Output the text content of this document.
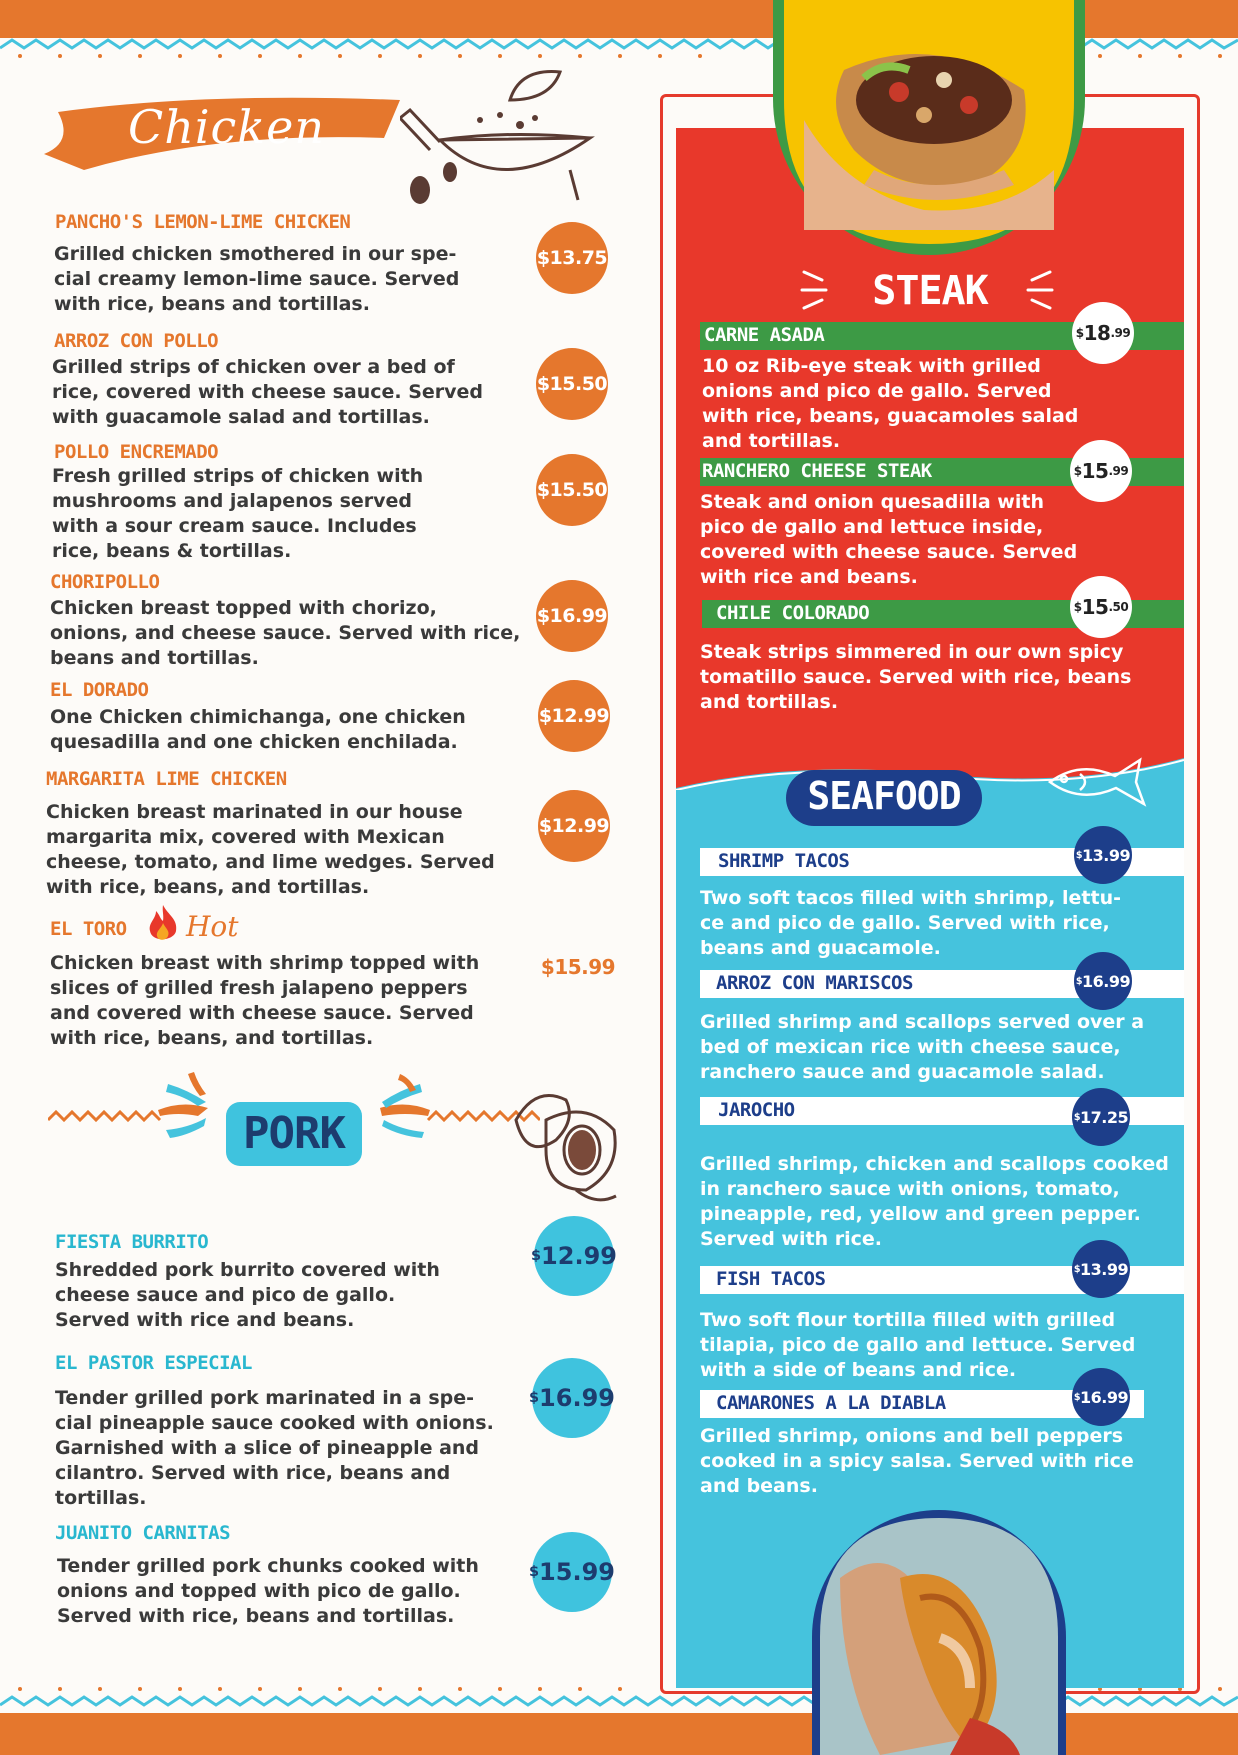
Chicken
PANCHO'S LEMON-LIME CHICKEN
Grilled chicken smothered in our spe-
cial creamy lemon-lime sauce. Served
with rice, beans and tortillas.
$13.75
ARROZ CON POLLO
Grilled strips of chicken over a bed of
rice, covered with cheese sauce. Served
with guacamole salad and tortillas.
$15.50
POLLO ENCREMADO
Fresh grilled strips of chicken with
mushrooms and jalapenos served
with a sour cream sauce. Includes
rice, beans & tortillas.
$15.50
CHORIPOLLO
Chicken breast topped with chorizo,
onions, and cheese sauce. Served with rice,
beans and tortillas.
$16.99
EL DORADO
One Chicken chimichanga, one chicken
quesadilla and one chicken enchilada.
$12.99
MARGARITA LIME CHICKEN
Chicken breast marinated in our house
margarita mix, covered with Mexican
cheese, tomato, and lime wedges. Served
with rice, beans, and tortillas.
$12.99
EL TORO Hot
Chicken breast with shrimp topped with
slices of grilled fresh jalapeno peppers
and covered with cheese sauce. Served
with rice, beans, and tortillas.
$15.99
PORK
FIESTA BURRITO
Shredded pork burrito covered with
cheese sauce and pico de gallo.
Served with rice and beans.
$ 12.99
EL PASTOR ESPECIAL
Tender grilled pork marinated in a spe-
cial pineapple sauce cooked with onions.
Garnished with a slice of pineapple and
cilantro. Served with rice, beans and
tortillas.
$ 16.99
JUANITO CARNITAS
Tender grilled pork chunks cooked with
onions and topped with pico de gallo.
Served with rice, beans and tortillas.
$ 15.99
STEAK
CARNE ASADA	$ 18 .99
10 oz Rib-eye steak with grilled
onions and pico de gallo. Served
with rice, beans, guacamoles salad
and tortillas.
RANCHERO CHEESE STEAK	$ 15 .99
Steak and onion quesadilla with
pico de gallo and lettuce inside,
covered with cheese sauce. Served
with rice and beans.
CHILE COLORADO	$ 15 .50
Steak strips simmered in our own spicy
tomatillo sauce. Served with rice, beans
and tortillas.
SEAFOOD
SHRIMP TACOS	$ 13.99
Two soft tacos filled with shrimp, lettu-
ce and pico de gallo. Served with rice,
beans and guacamole.
ARROZ CON MARISCOS	$ 16.99
Grilled shrimp and scallops served over a
bed of mexican rice with cheese sauce,
ranchero sauce and guacamole salad.
JAROCHO	$ 17.25
Grilled shrimp, chicken and scallops cooked
in ranchero sauce with onions, tomato,
pineapple, red, yellow and green pepper.
Served with rice.
FISH TACOS	$ 13.99
Two soft flour tortilla filled with grilled
tilapia, pico de gallo and lettuce. Served
with a side of beans and rice.
CAMARONES A LA DIABLA	$ 16.99
Grilled shrimp, onions and bell peppers
cooked in a spicy salsa. Served with rice
and beans.
